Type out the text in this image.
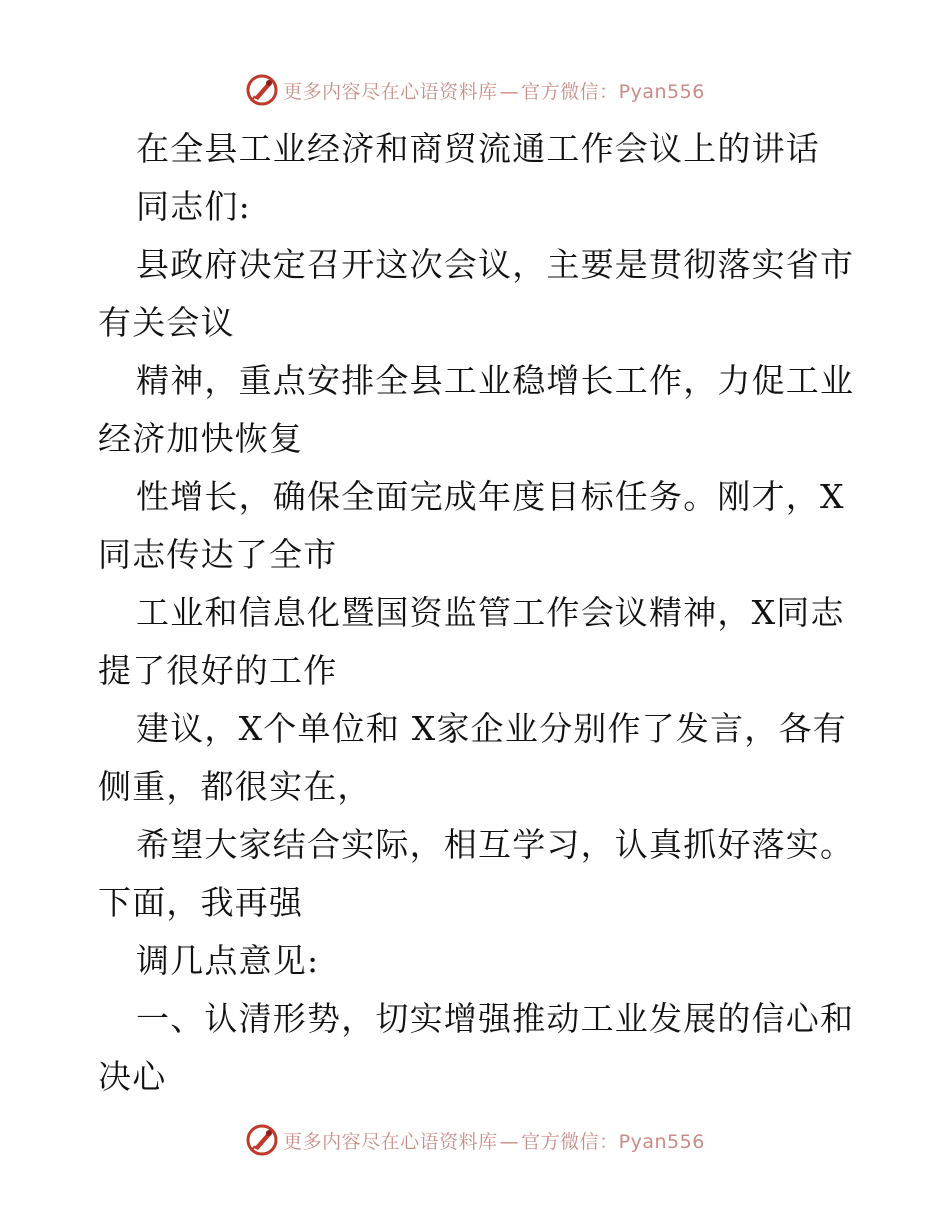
更多内容尽在心语资料库 — 官方微信：Pyan556
在全县工业经济和商贸流通工作会议上的讲话
同志们:
县政府决定召开这次会议，主要是贯彻落实省市
有关会议
精神，重点安排全县工业稳增长工作，力促工业
经济加快恢复
性增长，确保全面完成年度目标任务。刚才，X
同志传达了全市
工业和信息化暨国资监管工作会议精神，X同志
提了很好的工作
建议，X个单位和 X家企业分别作了发言，各有
侧重，都很实在，
希望大家结合实际，相互学习，认真抓好落实。
下面，我再强
调几点意见:
一、认清形势，切实增强推动工业发展的信心和
决心
更多内容尽在心语资料库 — 官方微信：Pyan556
